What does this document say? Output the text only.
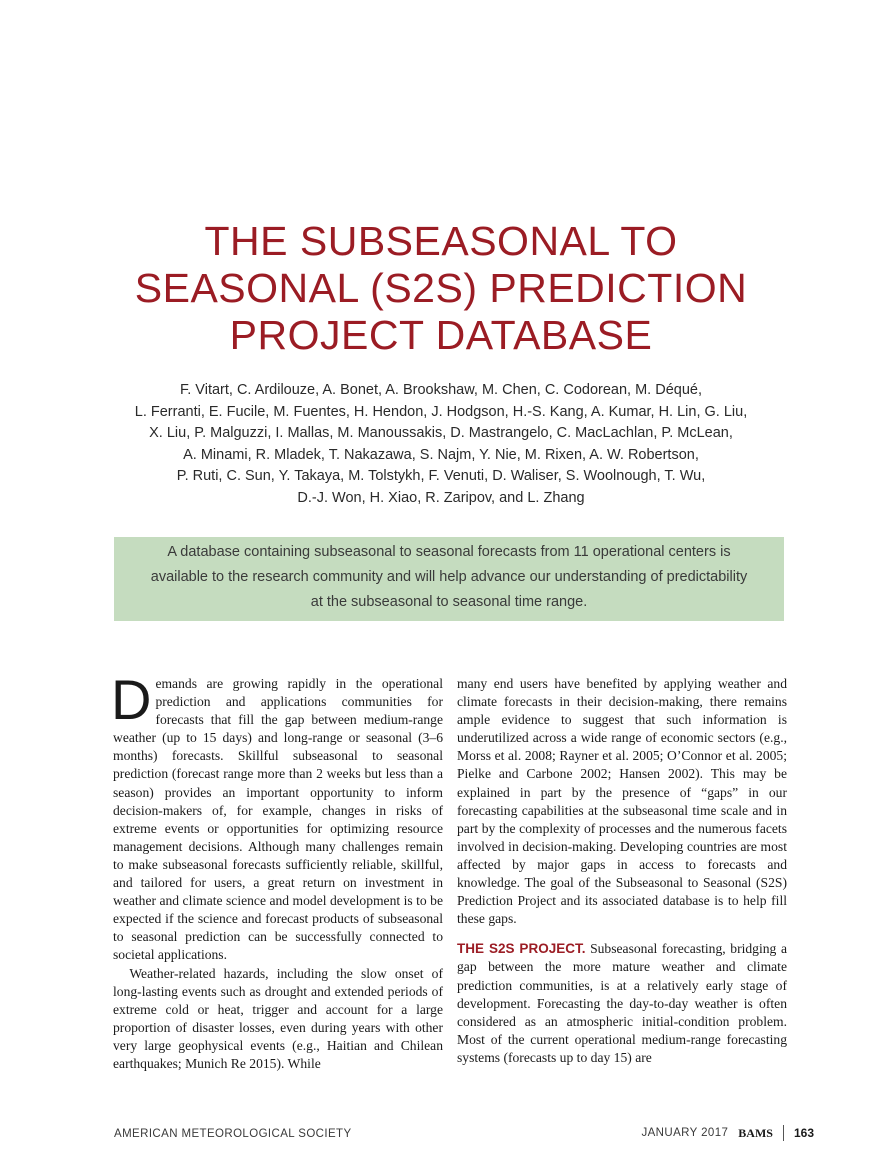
THE SUBSEASONAL TO
SEASONAL (S2S) PREDICTION
PROJECT DATABASE
F. Vitart, C. Ardilouze, A. Bonet, A. Brookshaw, M. Chen, C. Codorean, M. Déqué,
L. Ferranti, E. Fucile, M. Fuentes, H. Hendon, J. Hodgson, H.-S. Kang, A. Kumar, H. Lin, G. Liu,
X. Liu, P. Malguzzi, I. Mallas, M. Manoussakis, D. Mastrangelo, C. MacLachlan, P. McLean,
A. Minami, R. Mladek, T. Nakazawa, S. Najm, Y. Nie, M. Rixen, A. W. Robertson,
P. Ruti, C. Sun, Y. Takaya, M. Tolstykh, F. Venuti, D. Waliser, S. Woolnough, T. Wu,
D.-J. Won, H. Xiao, R. Zaripov, and L. Zhang
A database containing subseasonal to seasonal forecasts from 11 operational centers is
available to the research community and will help advance our understanding of predictability
at the subseasonal to seasonal time range.

Demands are growing rapidly in the operational prediction and applications communities for forecasts that fill the gap between medium-range weather (up to 15 days) and long-range or seasonal (3–6 months) forecasts. Skillful subseasonal to seasonal prediction (forecast range more than 2 weeks but less than a season) provides an important opportunity to inform decision-makers of, for example, changes in risks of extreme events or opportunities for optimizing resource management decisions. Although many challenges remain to make subseasonal forecasts sufficiently reliable, skillful, and tailored for users, a great return on investment in weather and climate science and model development is to be expected if the science and forecast products of subseasonal to seasonal prediction can be successfully connected to societal applications.

Weather-related hazards, including the slow onset of long-lasting events such as drought and extended periods of extreme cold or heat, trigger and account for a large proportion of disaster losses, even during years with other very large geophysical events (e.g., Haitian and Chilean earthquakes; Munich Re 2015). While

many end users have benefited by applying weather and climate forecasts in their decision-making, there remains ample evidence to suggest that such information is underutilized across a wide range of economic sectors (e.g., Morss et al. 2008; Rayner et al. 2005; O’Connor et al. 2005; Pielke and Carbone 2002; Hansen 2002). This may be explained in part by the presence of “gaps” in our forecasting capabilities at the subseasonal time scale and in part by the complexity of processes and the numerous facets involved in decision-making. Developing countries are most affected by major gaps in access to forecasts and knowledge. The goal of the Subseasonal to Seasonal (S2S) Prediction Project and its associated database is to help fill these gaps.

THE S2S PROJECT. Subseasonal forecasting, bridging a gap between the more mature weather and climate prediction communities, is at a relatively early stage of development. Forecasting the day-to-day weather is often considered as an atmospheric initial-condition problem. Most of the current operational medium-range forecasting systems (forecasts up to day 15) are

AMERICAN METEOROLOGICAL SOCIETY	JANUARY 2017 BAMS 163
